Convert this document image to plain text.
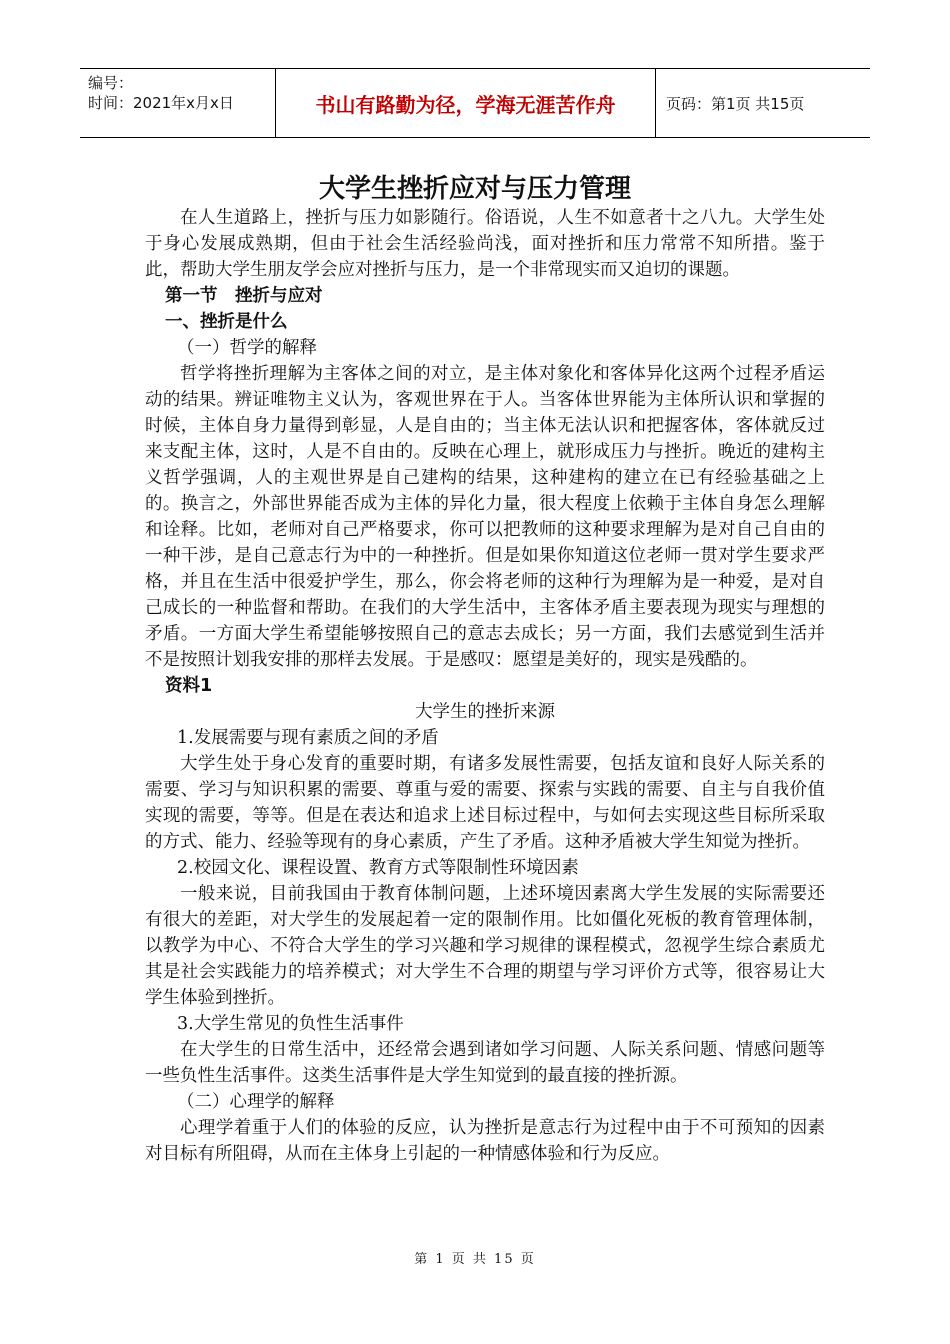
编号：
时间：2021年x月x日	书山有路勤为径，学海无涯苦作舟	页码：第1页 共15页
大学生挫折应对与压力管理

在人生道路上，挫折与压力如影随行。俗语说，人生不如意者十之八九。大学生处于身心发展成熟期，但由于社会生活经验尚浅，面对挫折和压力常常不知所措。鉴于此，帮助大学生朋友学会应对挫折与压力，是一个非常现实而又迫切的课题。

第一节　挫折与应对

一、挫折是什么

（一）哲学的解释

哲学将挫折理解为主客体之间的对立，是主体对象化和客体异化这两个过程矛盾运动的结果。辨证唯物主义认为，客观世界在于人。当客体世界能为主体所认识和掌握的时候，主体自身力量得到彰显，人是自由的；当主体无法认识和把握客体，客体就反过来支配主体，这时，人是不自由的。反映在心理上，就形成压力与挫折。晚近的建构主义哲学强调，人的主观世界是自己建构的结果，这种建构的建立在已有经验基础之上的。换言之，外部世界能否成为主体的异化力量，很大程度上依赖于主体自身怎么理解和诠释。比如，老师对自己严格要求，你可以把教师的这种要求理解为是对自己自由的一种干涉，是自己意志行为中的一种挫折。但是如果你知道这位老师一贯对学生要求严格，并且在生活中很爱护学生，那么，你会将老师的这种行为理解为是一种爱，是对自己成长的一种监督和帮助。在我们的大学生活中，主客体矛盾主要表现为现实与理想的矛盾。一方面大学生希望能够按照自己的意志去成长；另一方面，我们去感觉到生活并不是按照计划我安排的那样去发展。于是感叹：愿望是美好的，现实是残酷的。

资料1

大学生的挫折来源

1.发展需要与现有素质之间的矛盾

大学生处于身心发育的重要时期，有诸多发展性需要，包括友谊和良好人际关系的需要、学习与知识积累的需要、尊重与爱的需要、探索与实践的需要、自主与自我价值实现的需要，等等。但是在表达和追求上述目标过程中，与如何去实现这些目标所采取的方式、能力、经验等现有的身心素质，产生了矛盾。这种矛盾被大学生知觉为挫折。

2.校园文化、课程设置、教育方式等限制性环境因素

一般来说，目前我国由于教育体制问题，上述环境因素离大学生发展的实际需要还有很大的差距，对大学生的发展起着一定的限制作用。比如僵化死板的教育管理体制，以教学为中心、不符合大学生的学习兴趣和学习规律的课程模式，忽视学生综合素质尤其是社会实践能力的培养模式；对大学生不合理的期望与学习评价方式等，很容易让大学生体验到挫折。

3.大学生常见的负性生活事件

在大学生的日常生活中，还经常会遇到诸如学习问题、人际关系问题、情感问题等一些负性生活事件。这类生活事件是大学生知觉到的最直接的挫折源。

（二）心理学的解释

心理学着重于人们的体验的反应，认为挫折是意志行为过程中由于不可预知的因素对目标有所阻碍，从而在主体身上引起的一种情感体验和行为反应。

第 1 页 共 15 页
